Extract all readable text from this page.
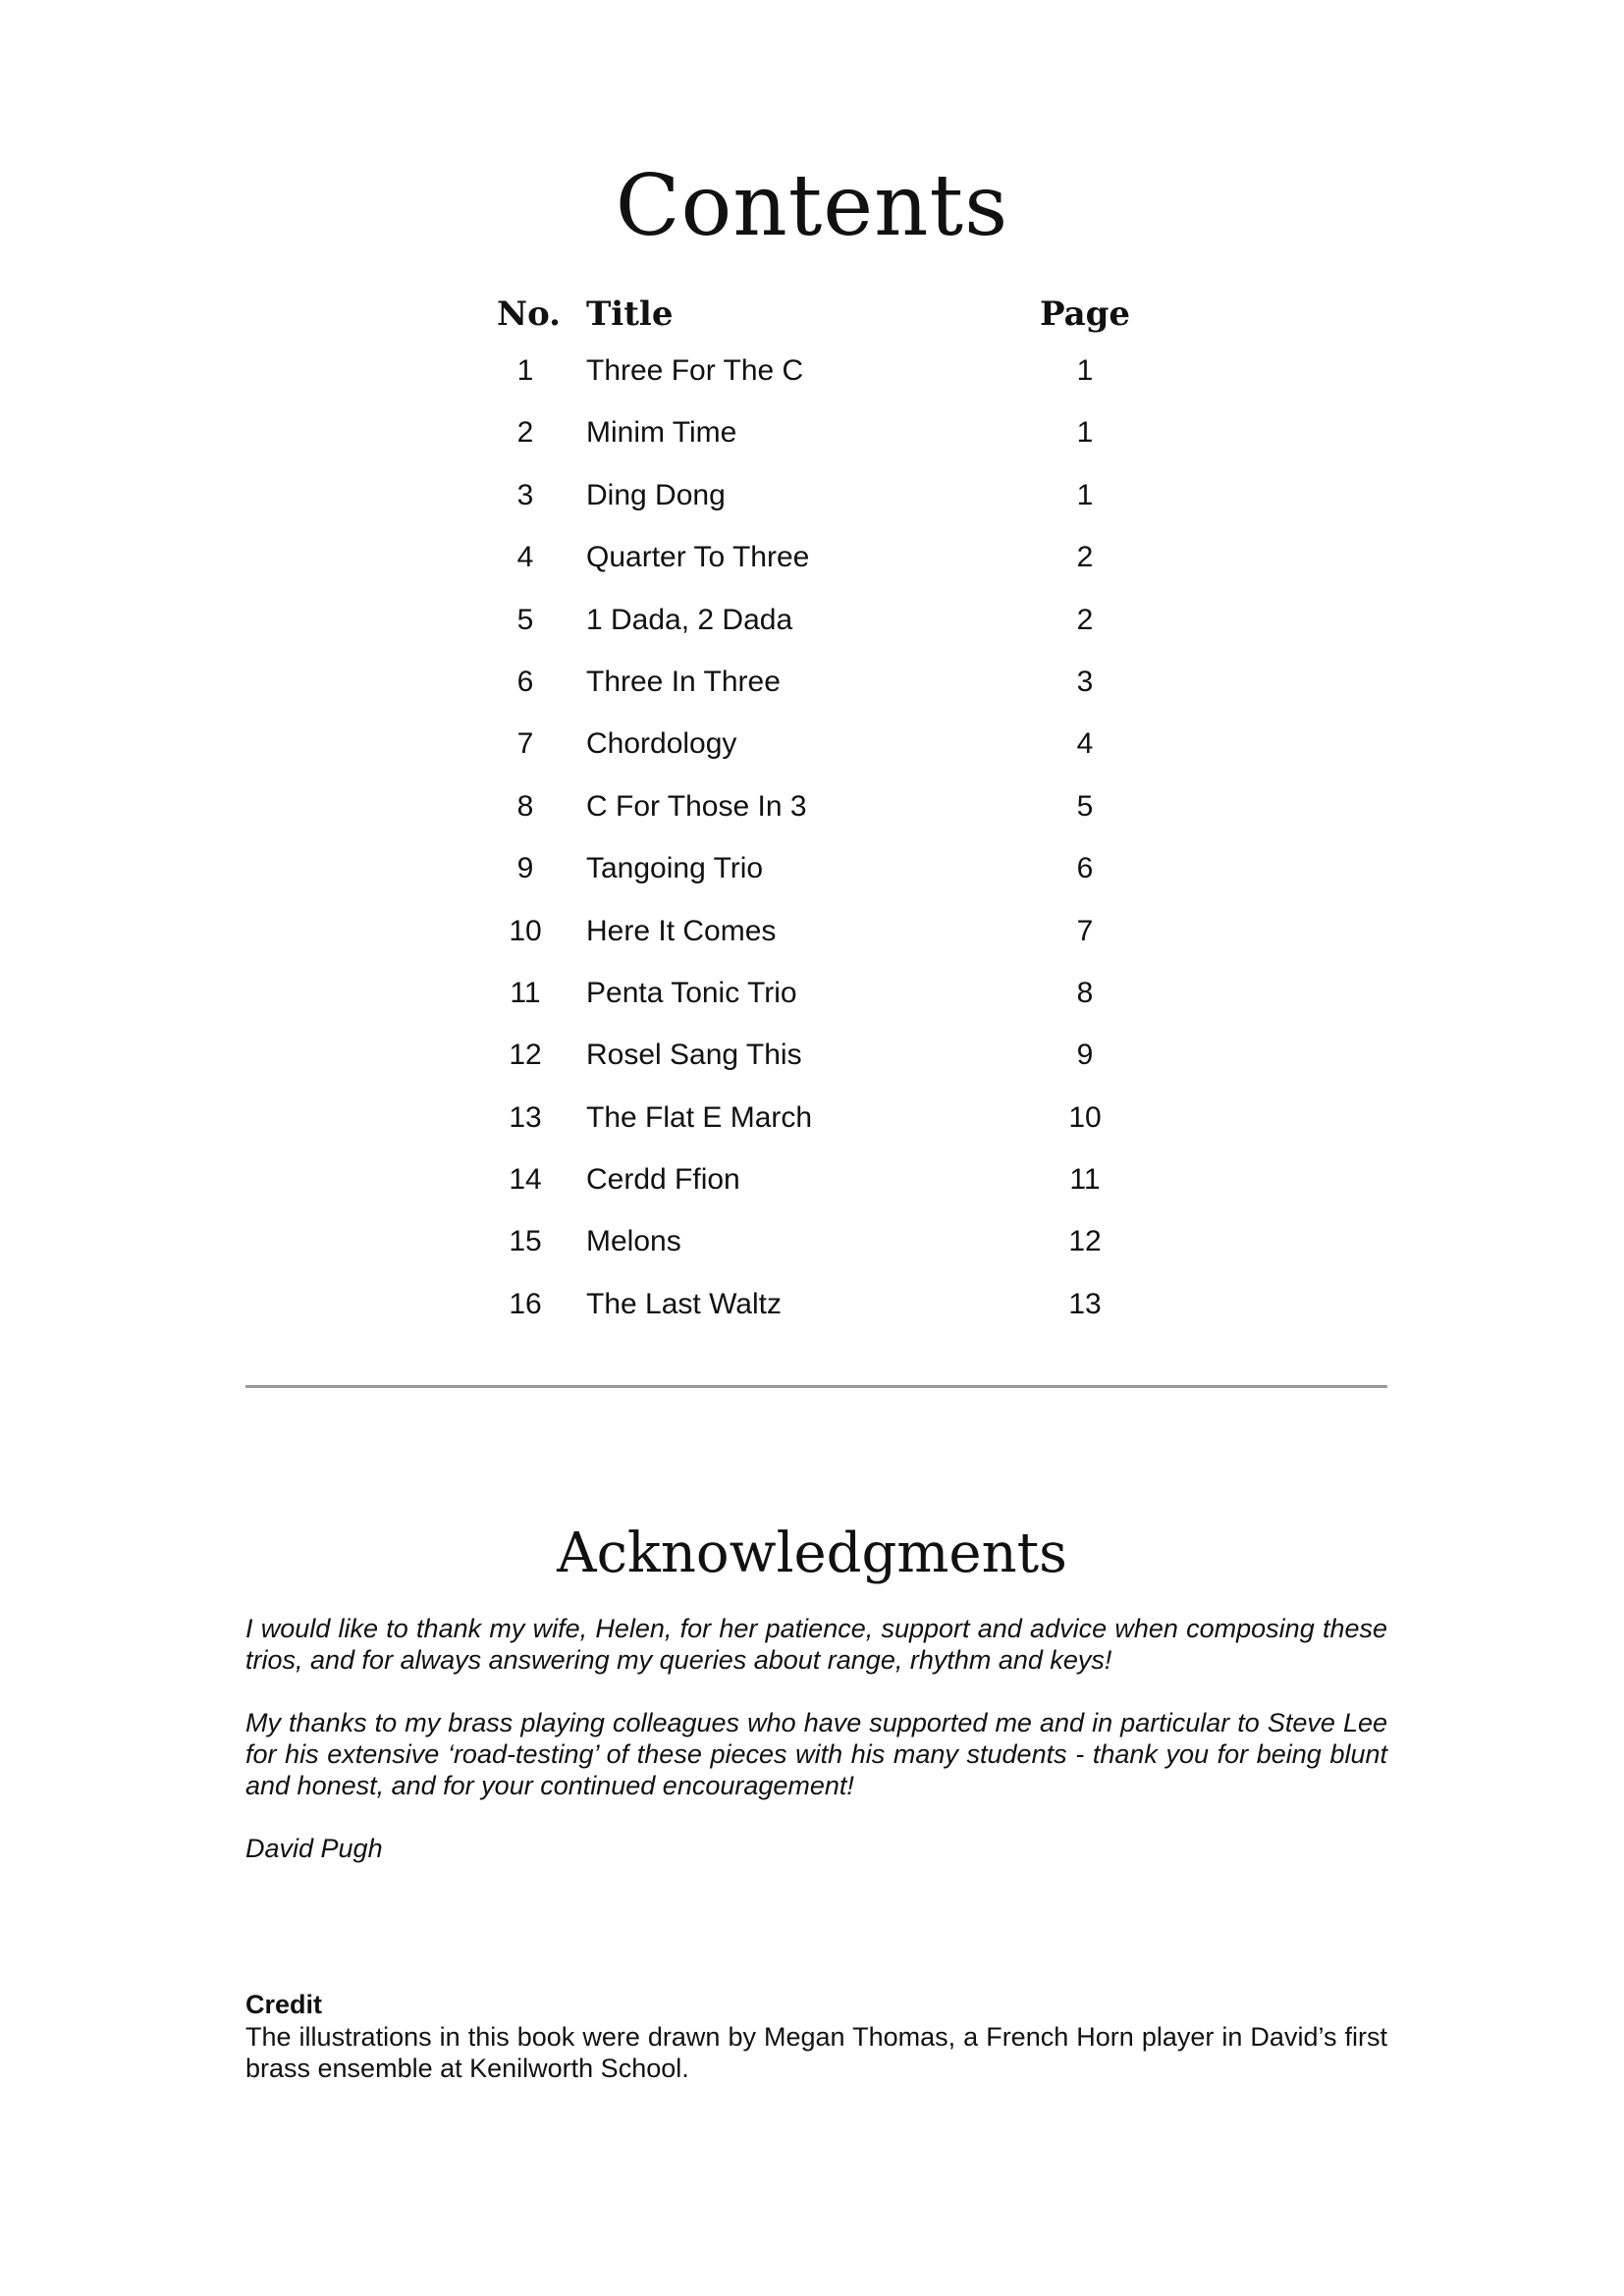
Contents
No. Title	Page
1	Three For The C	1
2	Minim Time	1
3	Ding Dong	1
4	Quarter To Three	2
5	1 Dada, 2 Dada	2
6	Three In Three	3
7	Chordology	4
8	C For Those In 3	5
9	Tangoing Trio	6
10	Here It Comes	7
11	Penta Tonic Trio	8
12	Rosel Sang This	9
13	The Flat E March	10
14	Cerdd Ffion	11
15	Melons	12
16	The Last Waltz	13
Acknowledgments

I would like to thank my wife, Helen, for her patience, support and advice when composing these trios, and for always answering my queries about range, rhythm and keys!

My thanks to my brass playing colleagues who have supported me and in particular to Steve Lee for his extensive ‘road-testing’ of these pieces with his many students - thank you for being blunt and honest, and for your continued encouragement!

David Pugh

Credit

The illustrations in this book were drawn by Megan Thomas, a French Horn player in David’s first brass ensemble at Kenilworth School.
